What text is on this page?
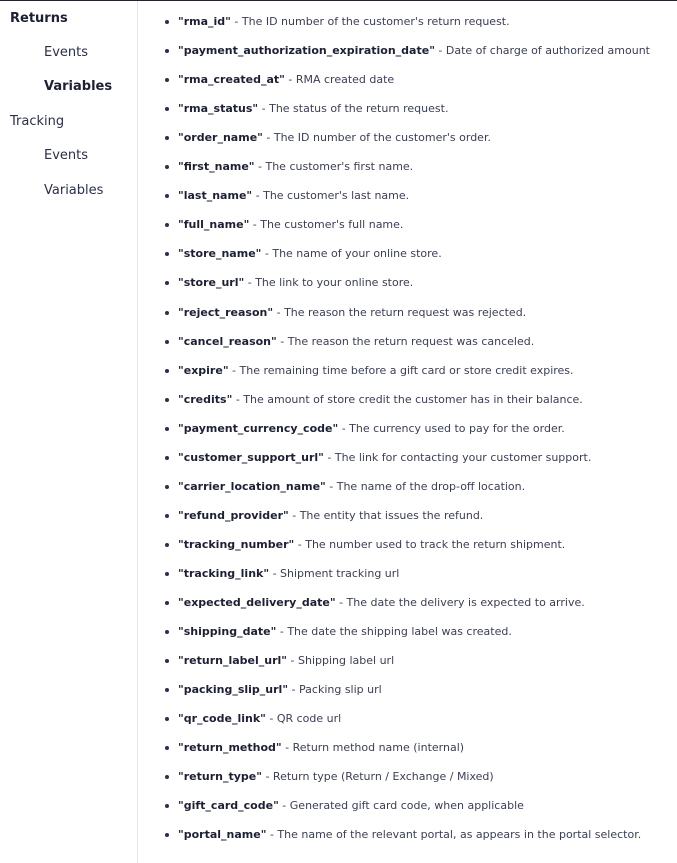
Returns
Events
Variables
Tracking
Events
Variables
"rma_id" - The ID number of the customer's return request.
"payment_authorization_expiration_date" - Date of charge of authorized amount
"rma_created_at" - RMA created date
"rma_status" - The status of the return request.
"order_name" - The ID number of the customer's order.
"first_name" - The customer's first name.
"last_name" - The customer's last name.
"full_name" - The customer's full name.
"store_name" - The name of your online store.
"store_url" - The link to your online store.
"reject_reason" - The reason the return request was rejected.
"cancel_reason" - The reason the return request was canceled.
"expire" - The remaining time before a gift card or store credit expires.
"credits" - The amount of store credit the customer has in their balance.
"payment_currency_code" - The currency used to pay for the order.
"customer_support_url" - The link for contacting your customer support.
"carrier_location_name" - The name of the drop-off location.
"refund_provider" - The entity that issues the refund.
"tracking_number" - The number used to track the return shipment.
"tracking_link" - Shipment tracking url
"expected_delivery_date" - The date the delivery is expected to arrive.
"shipping_date" - The date the shipping label was created.
"return_label_url" - Shipping label url
"packing_slip_url" - Packing slip url
"qr_code_link" - QR code url
"return_method" - Return method name (internal)
"return_type" - Return type (Return / Exchange / Mixed)
"gift_card_code" - Generated gift card code, when applicable
"portal_name" - The name of the relevant portal, as appears in the portal selector.
